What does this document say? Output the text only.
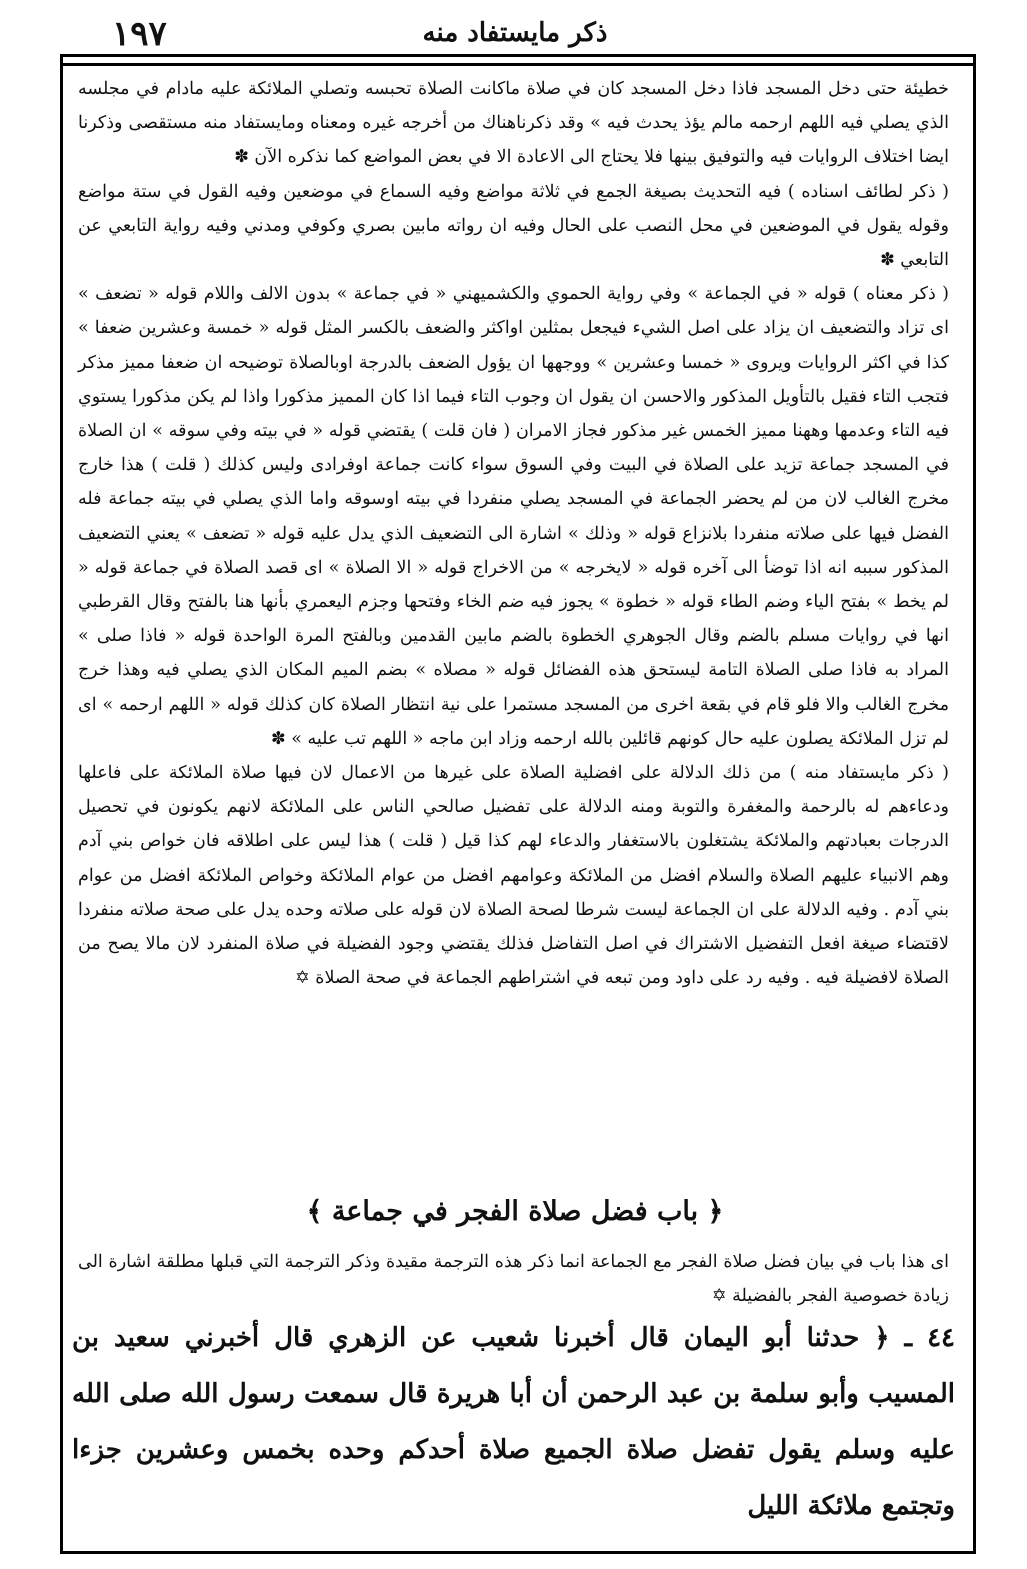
١٩٧	ذكر مايستفاد منه

خطيئة حتى دخل المسجد فاذا دخل المسجد كان في صلاة ماكانت الصلاة تحبسه وتصلي الملائكة عليه مادام في مجلسه الذي يصلي فيه اللهم ارحمه مالم يؤذ يحدث فيه » وقد ذكرناهناك من أخرجه غيره ومعناه ومايستفاد منه مستقصى وذكرنا ايضا اختلاف الروايات فيه والتوفيق بينها فلا يحتاج الى الاعادة الا في بعض المواضع كما نذكره الآن ✽

( ذكر لطائف اسناده ) فيه التحديث بصيغة الجمع في ثلاثة مواضع وفيه السماع في موضعين وفيه القول في ستة مواضع وقوله يقول في الموضعين في محل النصب على الحال وفيه ان رواته مابين بصري وكوفي ومدني وفيه رواية التابعي عن التابعي ✽

( ذكر معناه ) قوله « في الجماعة » وفي رواية الحموي والكشميهني « في جماعة » بدون الالف واللام قوله « تضعف » اى تزاد والتضعيف ان يزاد على اصل الشيء فيجعل بمثلين اواكثر والضعف بالكسر المثل قوله « خمسة وعشرين ضعفا » كذا في اكثر الروايات ويروى « خمسا وعشرين » ووجهها ان يؤول الضعف بالدرجة اوبالصلاة توضيحه ان ضعفا مميز مذكر فتجب التاء فقيل بالتأويل المذكور والاحسن ان يقول ان وجوب التاء فيما اذا كان المميز مذكورا واذا لم يكن مذكورا يستوي فيه التاء وعدمها وههنا مميز الخمس غير مذكور فجاز الامران ( فان قلت ) يقتضي قوله « في بيته وفي سوقه » ان الصلاة في المسجد جماعة تزيد على الصلاة في البيت وفي السوق سواء كانت جماعة اوفرادى وليس كذلك ( قلت ) هذا خارج مخرج الغالب لان من لم يحضر الجماعة في المسجد يصلي منفردا في بيته اوسوقه واما الذي يصلي في بيته جماعة فله الفضل فيها على صلاته منفردا بلانزاع قوله « وذلك » اشارة الى التضعيف الذي يدل عليه قوله « تضعف » يعني التضعيف المذكور سببه انه اذا توضأ الى آخره قوله « لايخرجه » من الاخراج قوله « الا الصلاة » اى قصد الصلاة في جماعة قوله « لم يخط » بفتح الياء وضم الطاء قوله « خطوة » يجوز فيه ضم الخاء وفتحها وجزم اليعمري بأنها هنا بالفتح وقال القرطبي انها في روايات مسلم بالضم وقال الجوهري الخطوة بالضم مابين القدمين وبالفتح المرة الواحدة قوله « فاذا صلى » المراد به فاذا صلى الصلاة التامة ليستحق هذه الفضائل قوله « مصلاه » بضم الميم المكان الذي يصلي فيه وهذا خرج مخرج الغالب والا فلو قام في بقعة اخرى من المسجد مستمرا على نية انتظار الصلاة كان كذلك قوله « اللهم ارحمه » اى لم تزل الملائكة يصلون عليه حال كونهم قائلين بالله ارحمه وزاد ابن ماجه « اللهم تب عليه » ✽

( ذكر مايستفاد منه ) من ذلك الدلالة على افضلية الصلاة على غيرها من الاعمال لان فيها صلاة الملائكة على فاعلها ودعاءهم له بالرحمة والمغفرة والتوبة ومنه الدلالة على تفضيل صالحي الناس على الملائكة لانهم يكونون في تحصيل الدرجات بعبادتهم والملائكة يشتغلون بالاستغفار والدعاء لهم كذا قيل ( قلت ) هذا ليس على اطلاقه فان خواص بني آدم وهم الانبياء عليهم الصلاة والسلام افضل من الملائكة وعوامهم افضل من عوام الملائكة وخواص الملائكة افضل من عوام بني آدم . وفيه الدلالة على ان الجماعة ليست شرطا لصحة الصلاة لان قوله على صلاته وحده يدل على صحة صلاته منفردا لاقتضاء صيغة افعل التفضيل الاشتراك في اصل التفاضل فذلك يقتضي وجود الفضيلة في صلاة المنفرد لان مالا يصح من الصلاة لافضيلة فيه . وفيه رد على داود ومن تبعه في اشتراطهم الجماعة في صحة الصلاة ✡

﴿ باب فضل صلاة الفجر في جماعة ﴾
اى هذا باب في بيان فضل صلاة الفجر مع الجماعة انما ذكر هذه الترجمة مقيدة وذكر الترجمة التي قبلها مطلقة اشارة الى زيادة خصوصية الفجر بالفضيلة ✡

٤٤ ـ ﴿ حدثنا أبو اليمان قال أخبرنا شعيب عن الزهري قال أخبرني سعيد بن المسيب وأبو سلمة بن عبد الرحمن أن أبا هريرة قال سمعت رسول الله صلى الله عليه وسلم يقول تفضل صلاة الجميع صلاة أحدكم وحده بخمس وعشرين جزءا وتجتمع ملائكة الليل
